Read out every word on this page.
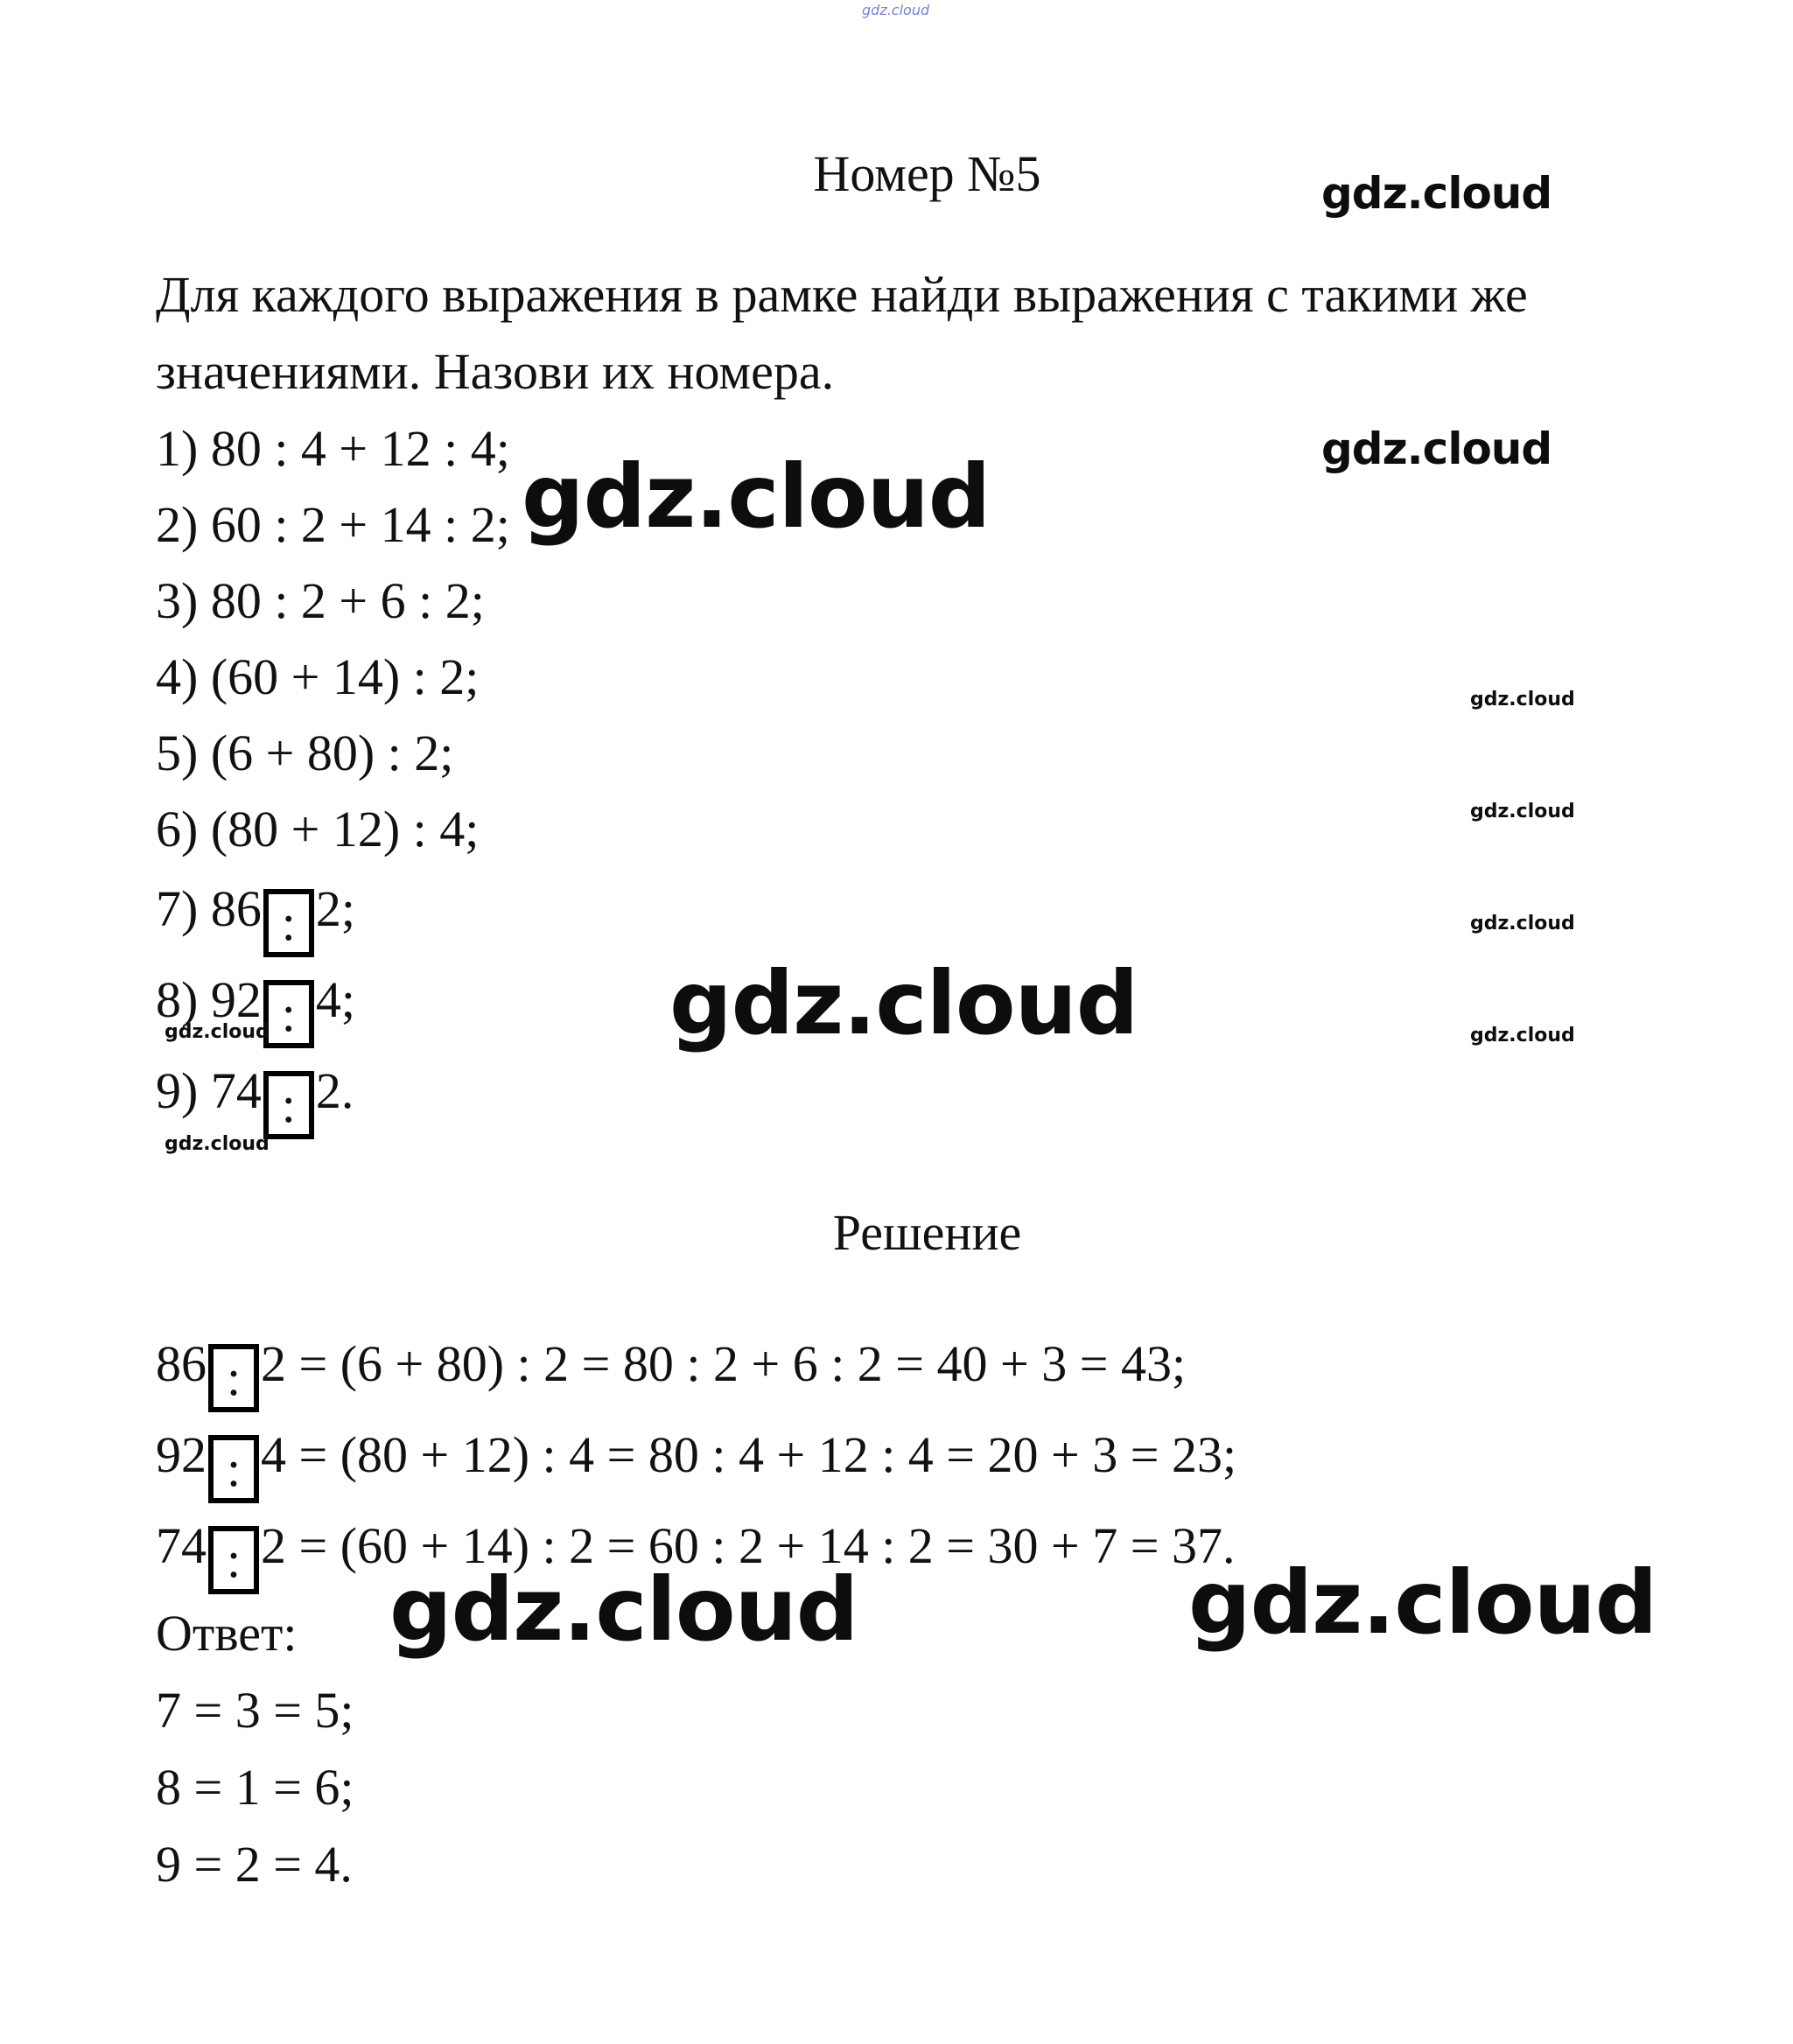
gdz.cloud
Номер №5
Для каждого выражения в рамке найди выражения с такими же
значениями. Назови их номера.
1) 80 : 4 + 12 : 4;
2) 60 : 2 + 14 : 2;
3) 80 : 2 + 6 : 2;
4) (60 + 14) : 2;
5) (6 + 80) : 2;
6) (80 + 12) : 4;
7) 86 : 2;
8) 92 : 4;
9) 74 : 2.
Решение
86 : 2 = (6 + 80) : 2 = 80 : 2 + 6 : 2 = 40 + 3 = 43;
92 : 4 = (80 + 12) : 4 = 80 : 4 + 12 : 4 = 20 + 3 = 23;
74 : 2 = (60 + 14) : 2 = 60 : 2 + 14 : 2 = 30 + 7 = 37.
Ответ:
7 = 3 = 5;
8 = 1 = 6;
9 = 2 = 4.
gdz.cloud
gdz.cloud
gdz.cloud
gdz.cloud
gdz.cloud
gdz.cloud
gdz.cloud
gdz.cloud
gdz.cloud
gdz.cloud
gdz.cloud	gdz.cloud
